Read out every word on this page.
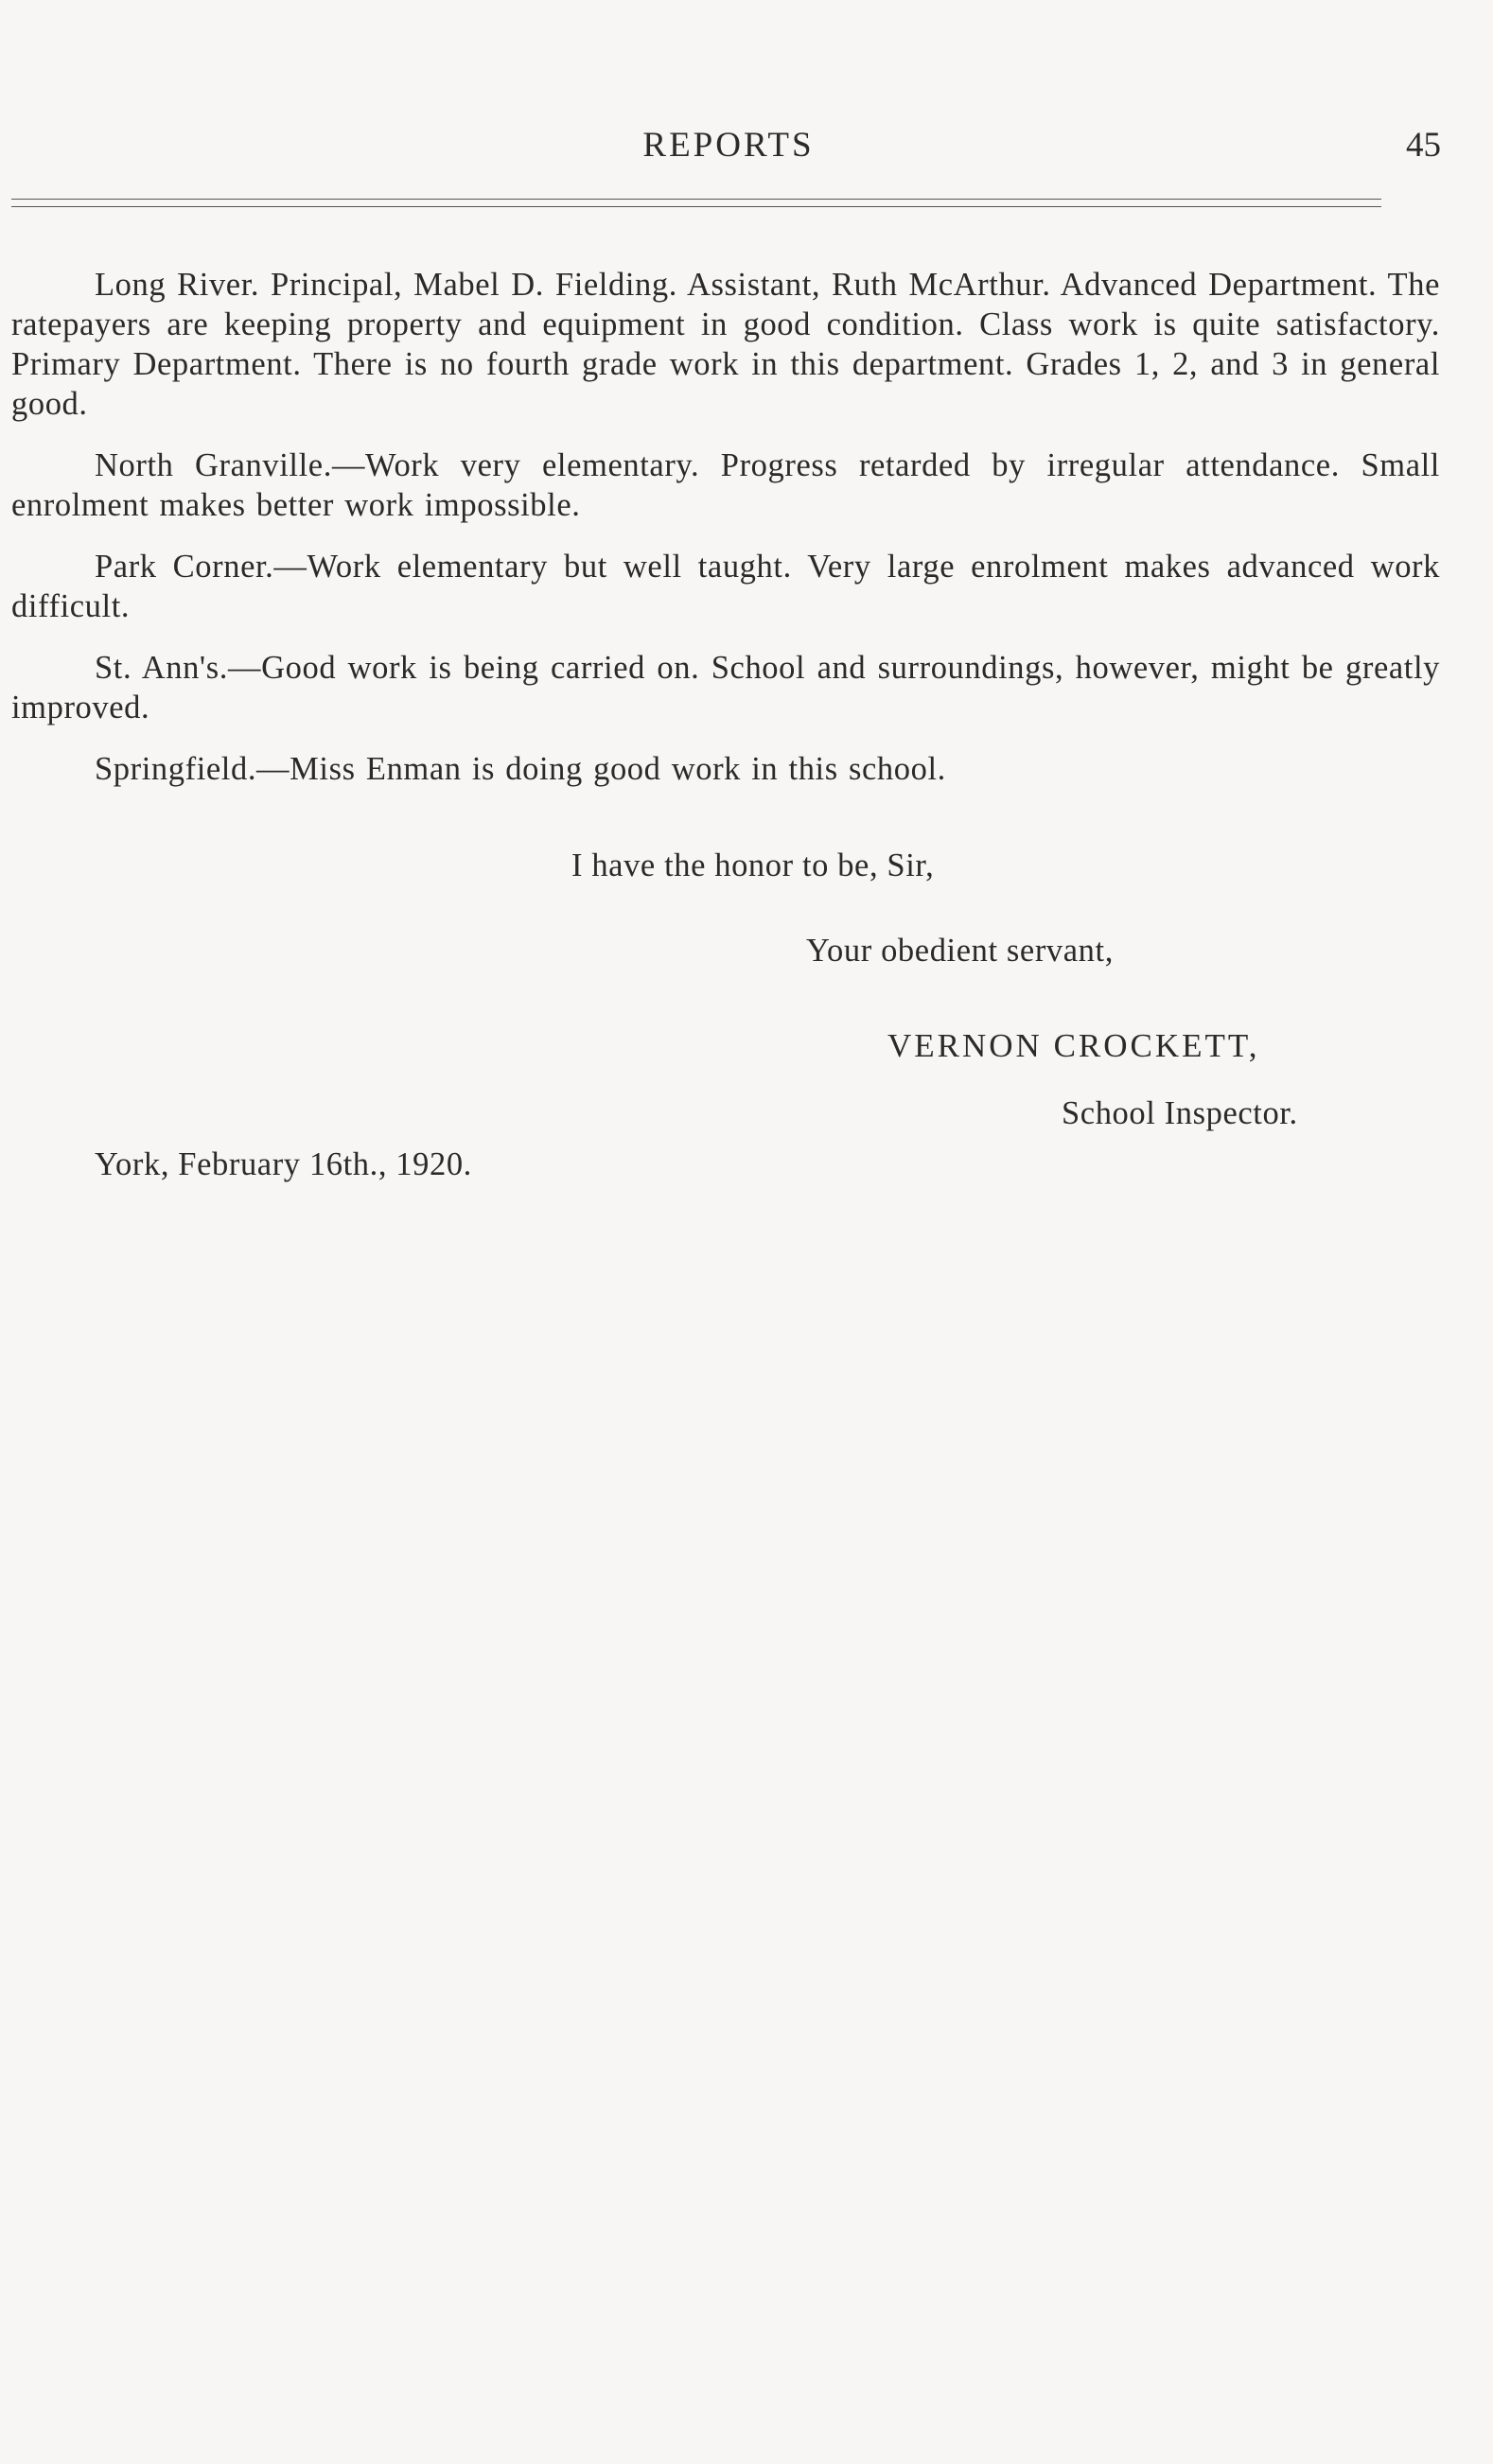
REPORTS	45

Long River. Principal, Mabel D. Fielding. Assistant, Ruth McArthur. Advanced Department. The ratepayers are keeping property and equipment in good condition. Class work is quite satisfactory. Primary Department. There is no fourth grade work in this department. Grades 1, 2, and 3 in general good.

North Granville.—Work very elementary. Progress retarded by irregular attendance. Small enrolment makes better work impossible.

Park Corner.—Work elementary but well taught. Very large enrolment makes advanced work difficult.

St. Ann's.—Good work is being carried on. School and surroundings, however, might be greatly improved.

Springfield.—Miss Enman is doing good work in this school.

I have the honor to be, Sir,
Your obedient servant,
VERNON CROCKETT,
School Inspector.
York, February 16th., 1920.
